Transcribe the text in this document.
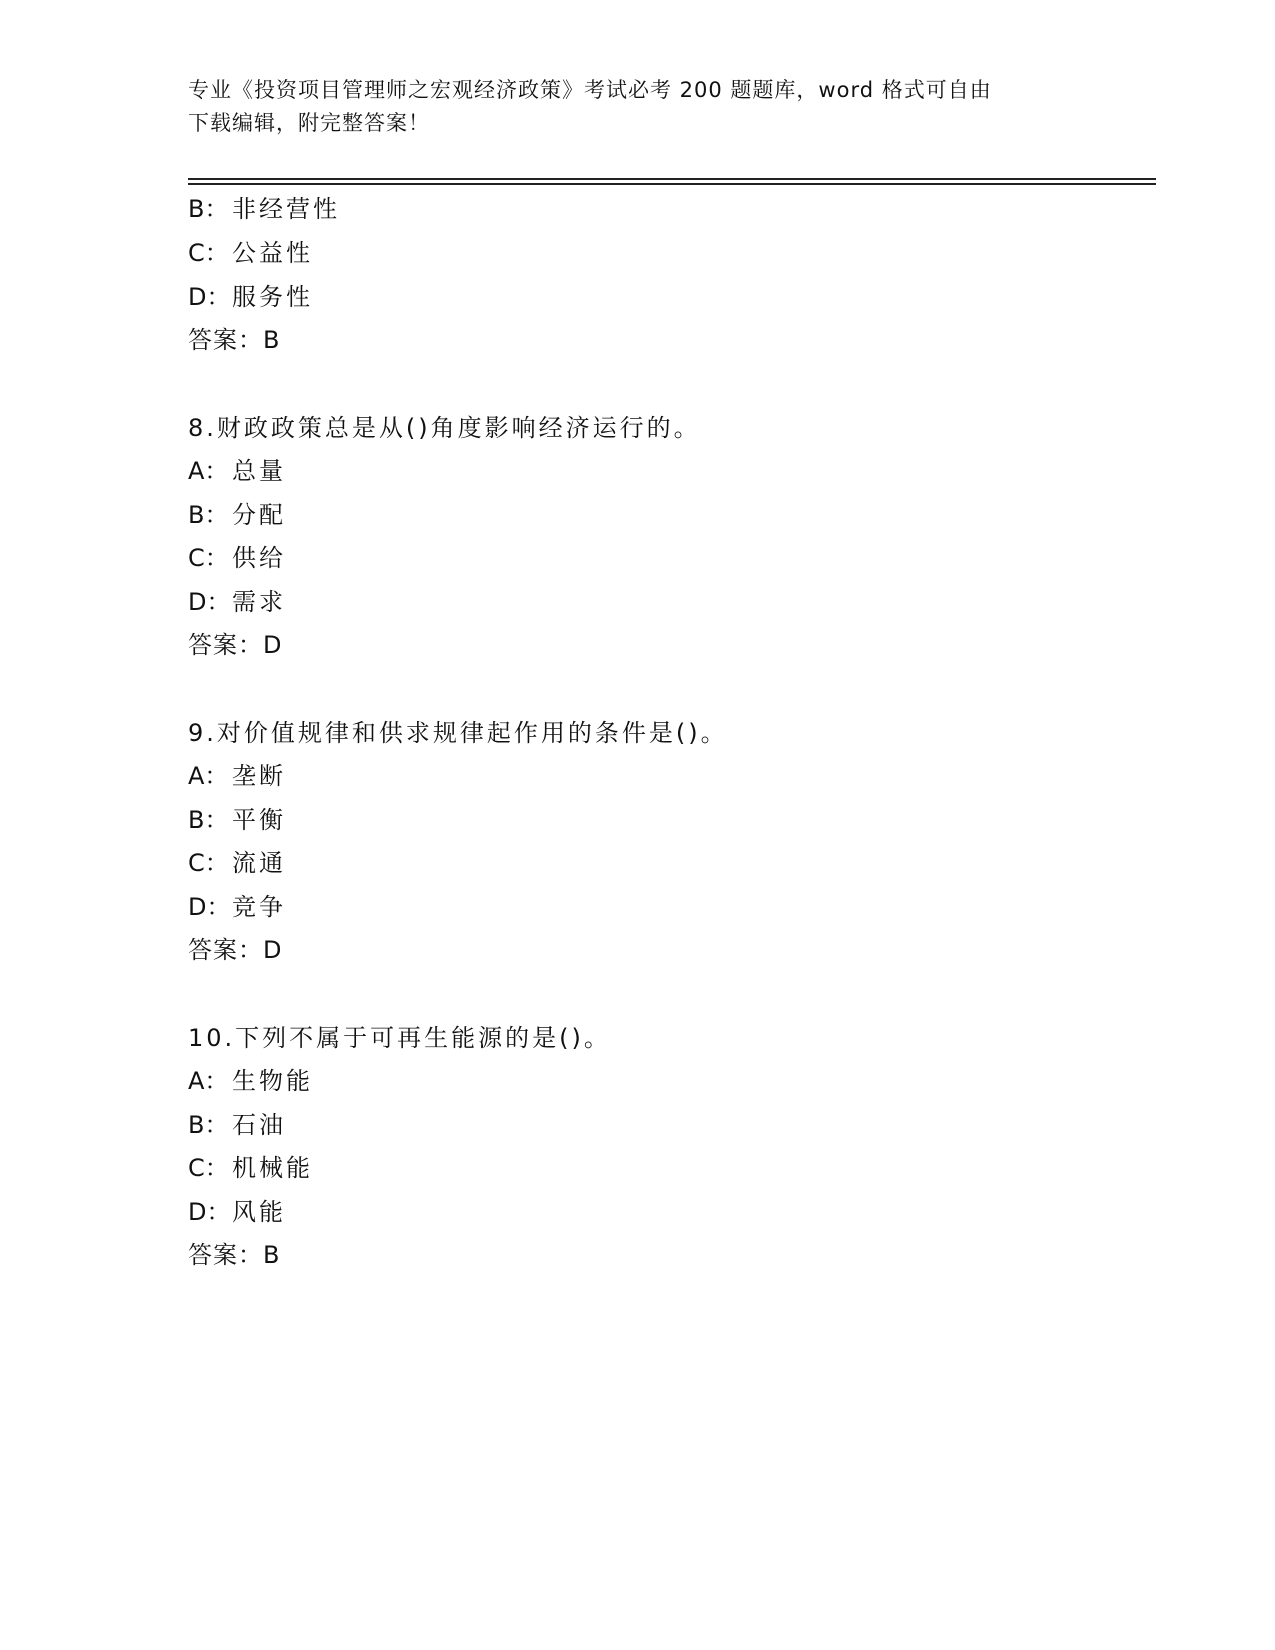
专业《投资项目管理师之宏观经济政策》考试必考 200 题题库，word 格式可自由
下载编辑，附完整答案！
B： 非经营性
C： 公益性
D：服务性
答案：B
8.财政政策总是从()角度影响经济运行的。
A： 总量
B： 分配
C： 供给
D：需求
答案：D
9.对价值规律和供求规律起作用的条件是()。
A： 垄断
B： 平衡
C： 流通
D：竞争
答案：D
10.下列不属于可再生能源的是()。
A： 生物能
B： 石油
C： 机械能
D：风能
答案：B
